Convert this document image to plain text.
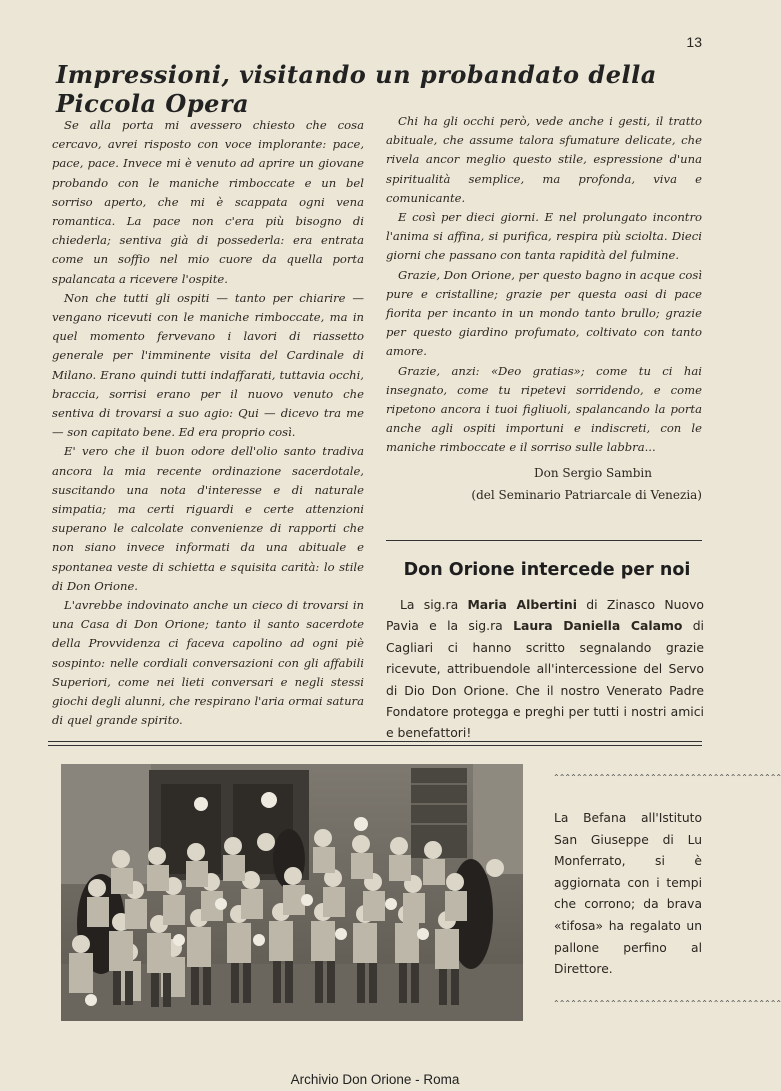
13
Impressioni, visitando un probandato della Piccola Opera

Se alla porta mi avessero chiesto che cosa cercavo, avrei risposto con voce implorante: pace, pace, pace. Invece mi è venuto ad aprire un giovane probando con le maniche rimboccate e un bel sorriso aperto, che mi è scappata ogni vena romantica. La pace non c'era più bisogno di chiederla; sentiva già di possederla: era entrata come un soffio nel mio cuore da quella porta spalancata a ricevere l'ospite.

Non che tutti gli ospiti — tanto per chiarire — vengano ricevuti con le maniche rimboccate, ma in quel momento fervevano i lavori di riassetto generale per l'imminente visita del Cardinale di Milano. Erano quindi tutti indaffarati, tuttavia occhi, braccia, sorrisi erano per il nuovo venuto che sentiva di trovarsi a suo agio: Qui — dicevo tra me — son capitato bene. Ed era proprio così.

E' vero che il buon odore dell'olio santo tradiva ancora la mia recente ordinazione sacerdotale, suscitando una nota d'interesse e di naturale simpatia; ma certi riguardi e certe attenzioni superano le calcolate convenienze di rapporti che non siano invece informati da una abituale e spontanea veste di schietta e squisita carità: lo stile di Don Orione.

L'avrebbe indovinato anche un cieco di trovarsi in una Casa di Don Orione; tanto il santo sacerdote della Provvidenza ci faceva capolino ad ogni piè sospinto: nelle cordiali conversazioni con gli affabili Superiori, come nei lieti conversari e negli stessi giochi degli alunni, che respirano l'aria ormai satura di quel grande spirito.

Chi ha gli occhi però, vede anche i gesti, il tratto abituale, che assume talora sfumature delicate, che rivela ancor meglio questo stile, espressione d'una spiritualità semplice, ma profonda, viva e comunicante.

E così per dieci giorni. E nel prolungato incontro l'anima si affina, si purifica, respira più sciolta. Dieci giorni che passano con tanta rapidità del fulmine.

Grazie, Don Orione, per questo bagno in acque così pure e cristalline; grazie per questa oasi di pace fiorita per incanto in un mondo tanto brullo; grazie per questo giardino profumato, coltivato con tanto amore.

Grazie, anzi: «Deo gratias»; come tu ci hai insegnato, come tu ripetevi sorridendo, e come ripetono ancora i tuoi figliuoli, spalancando la porta anche agli ospiti importuni e indiscreti, con le maniche rimboccate e il sorriso sulle labbra...

Don Sergio Sambin
(del Seminario Patriarcale di Venezia)
Don Orione intercede per noi

La sig.ra Maria Albertini di Zinasco Nuovo Pavia e la sig.ra Laura Daniella Calamo di Cagliari ci hanno scritto segnalando grazie ricevute, attribuendole all'intercessione del Servo di Dio Don Orione. Che il nostro Venerato Padre Fondatore protegga e preghi per tutti i nostri amici e benefattori!

⌃⌃⌃⌃⌃⌃⌃⌃⌃⌃⌃⌃⌃⌃⌃⌃⌃⌃⌃⌃⌃⌃⌃⌃⌃⌃⌃⌃⌃⌃⌃⌃⌃⌃⌃⌃⌃⌃⌃⌃

La Befana all'Istituto San Giuseppe di Lu Monferrato, si è aggiornata con i tempi che corrono; da brava «tifosa» ha regalato un pallone perfino al Direttore.

⌃⌃⌃⌃⌃⌃⌃⌃⌃⌃⌃⌃⌃⌃⌃⌃⌃⌃⌃⌃⌃⌃⌃⌃⌃⌃⌃⌃⌃⌃⌃⌃⌃⌃⌃⌃⌃⌃⌃⌃
Archivio Don Orione - Roma
